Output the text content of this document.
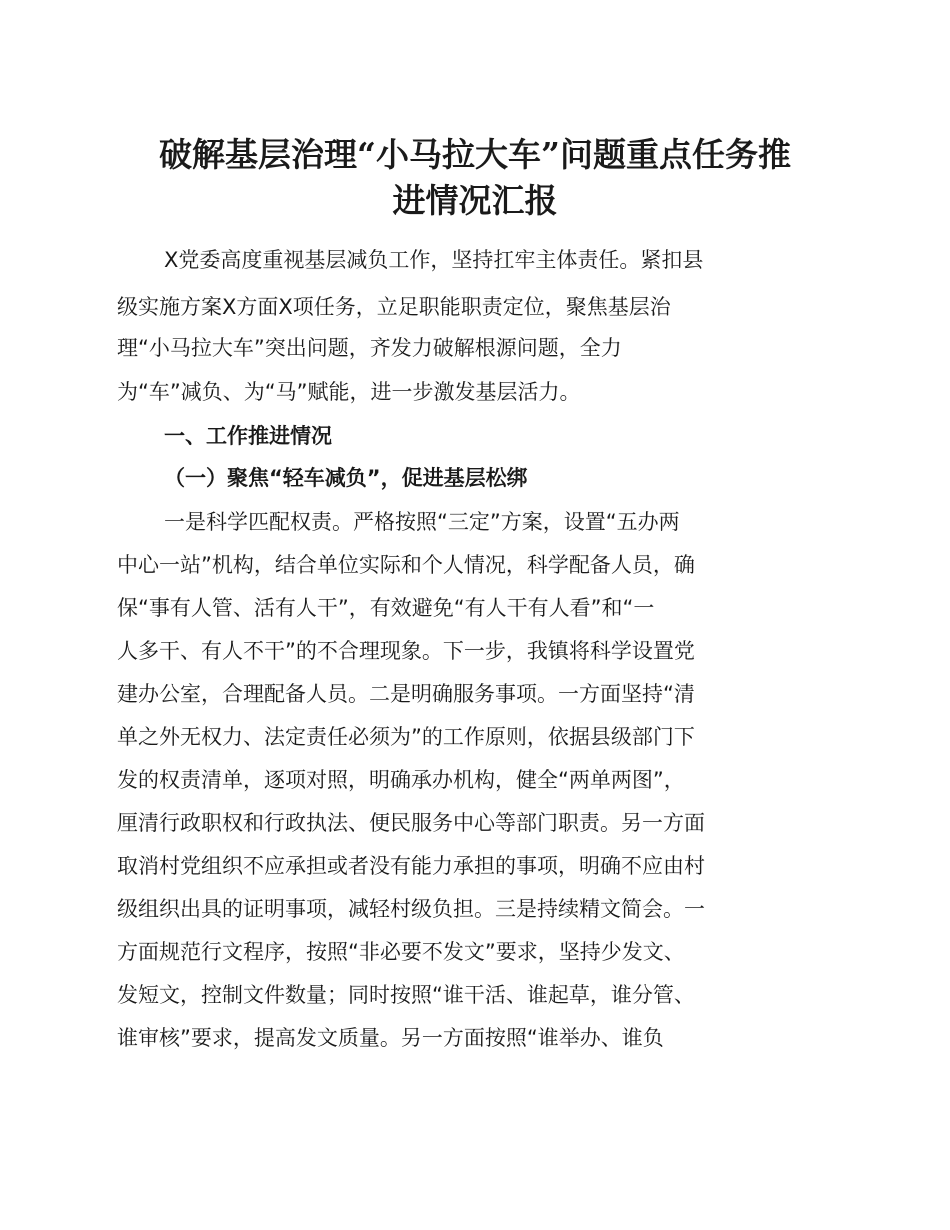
破解基层治理“小马拉大车”问题重点任务推
进情况汇报

X党委高度重视基层减负工作，坚持扛牢主体责任。紧扣县

级实施方案X方面X项任务，立足职能职责定位，聚焦基层治

理“小马拉大车”突出问题，齐发力破解根源问题，全力

为“车”减负、为“马”赋能，进一步激发基层活力。

一、工作推进情况
（一）聚焦“轻车减负”，促进基层松绑

一是科学匹配权责。严格按照“三定”方案，设置“五办两

中心一站”机构，结合单位实际和个人情况，科学配备人员，确

保“事有人管、活有人干”，有效避免“有人干有人看”和“一

人多干、有人不干”的不合理现象。下一步，我镇将科学设置党

建办公室，合理配备人员。二是明确服务事项。一方面坚持“清

单之外无权力、法定责任必须为”的工作原则，依据县级部门下

发的权责清单，逐项对照，明确承办机构，健全“两单两图”，

厘清行政职权和行政执法、便民服务中心等部门职责。另一方面

取消村党组织不应承担或者没有能力承担的事项，明确不应由村

级组织出具的证明事项，减轻村级负担。三是持续精文简会。一

方面规范行文程序，按照“非必要不发文”要求，坚持少发文、

发短文，控制文件数量；同时按照“谁干活、谁起草，谁分管、

谁审核”要求，提高发文质量。另一方面按照“谁举办、谁负
